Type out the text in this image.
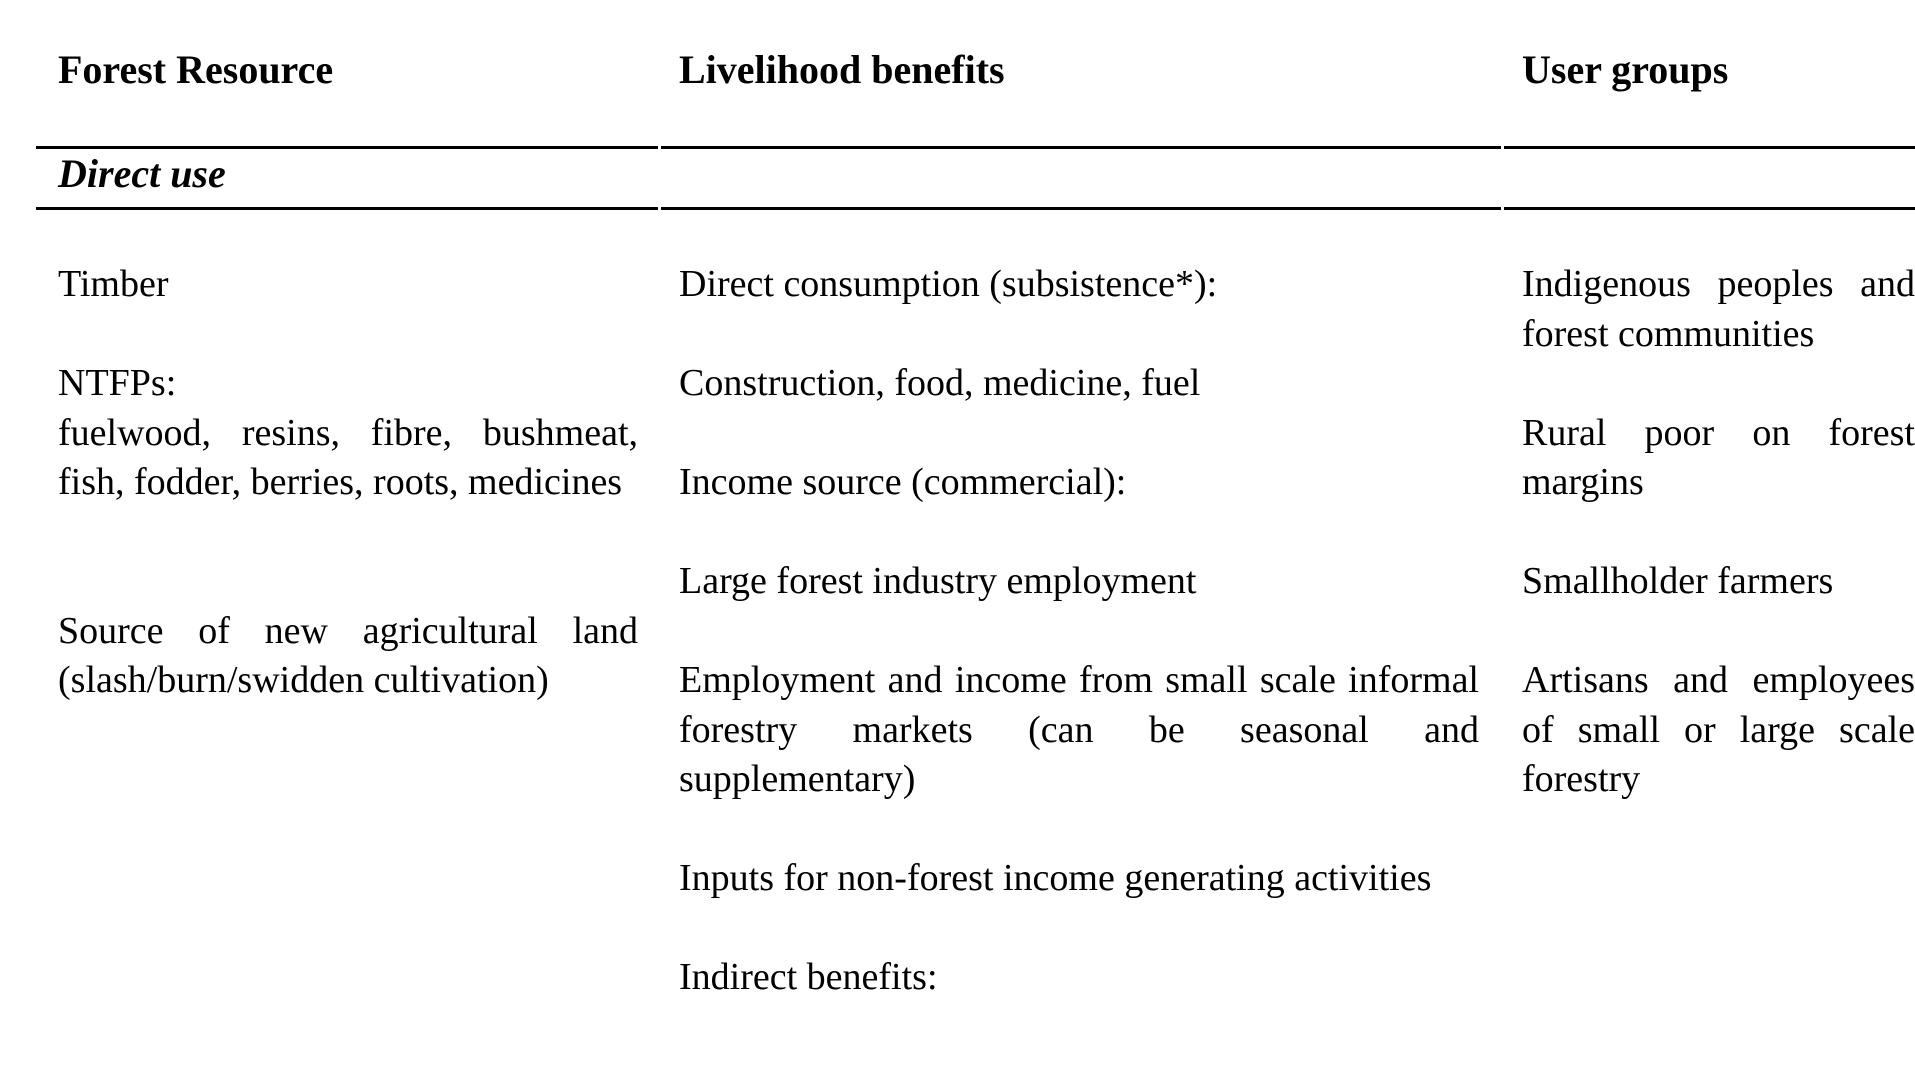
Forest Resource	Livelihood benefits	User groups
Direct use

Timber

NTFPs:

fuelwood, resins, fibre, bushmeat, fish, fodder, berries, roots, medicines

Source of new agricultural land (slash/burn/swidden cultivation)

Direct consumption (subsistence*):

Construction, food, medicine, fuel

Income source (commercial):

Large forest industry employment

Employment and income from small scale informal forestry markets (can be seasonal and supplementary)

Inputs for non-forest income generating activities

Indirect benefits:

Indigenous peoples and forest communities

Rural poor on forest margins

Smallholder farmers

Artisans and employees of small or large scale forestry
